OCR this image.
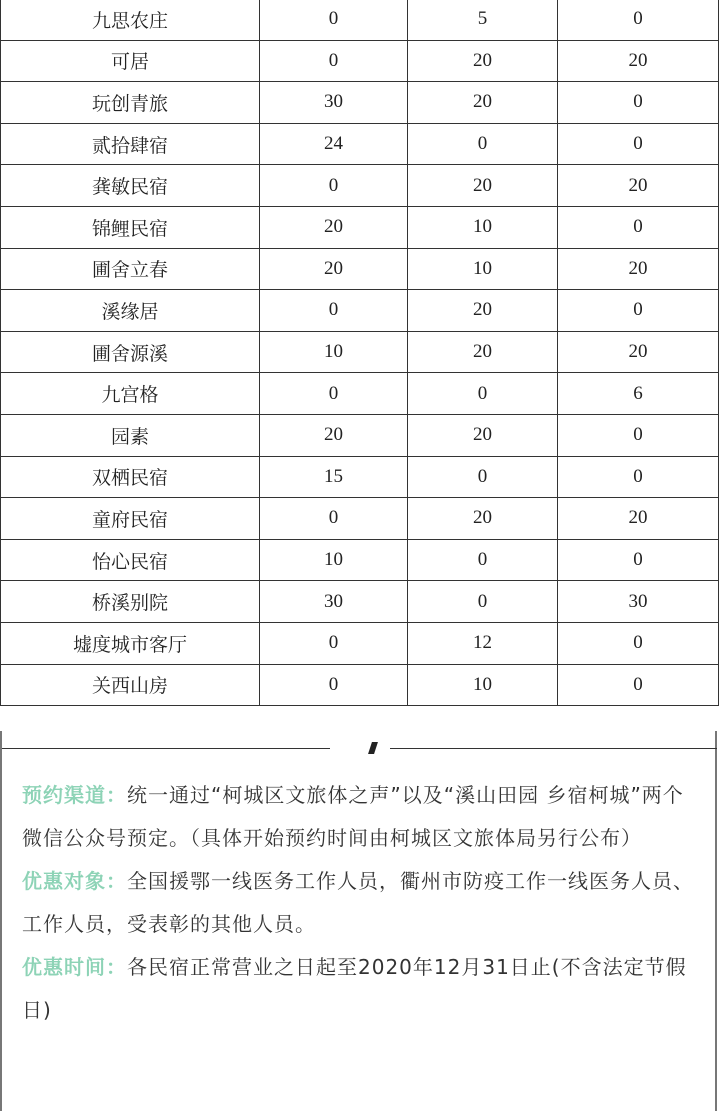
九思农庄	0	5	0
可居	0	20	20
玩创青旅	30	20	0
贰拾肆宿	24	0	0
龚敏民宿	0	20	20
锦鲤民宿	20	10	0
圃舍立春	20	10	20
溪缘居	0	20	0
圃舍源溪	10	20	20
九宫格	0	0	6
园素	20	20	0
双栖民宿	15	0	0
童府民宿	0	20	20
怡心民宿	10	0	0
桥溪别院	30	0	30
墟度城市客厅	0	12	0
关西山房	0	10	0

预约渠道：统一通过“柯城区文旅体之声”以及“溪山田园 乡宿柯城”两个微信公众号预定。（具体开始预约时间由柯城区文旅体局另行公布）

优惠对象：全国援鄂一线医务工作人员，衢州市防疫工作一线医务人员、工作人员，受表彰的其他人员。

优惠时间：各民宿正常营业之日起至2020年12月31日止(不含法定节假日)
